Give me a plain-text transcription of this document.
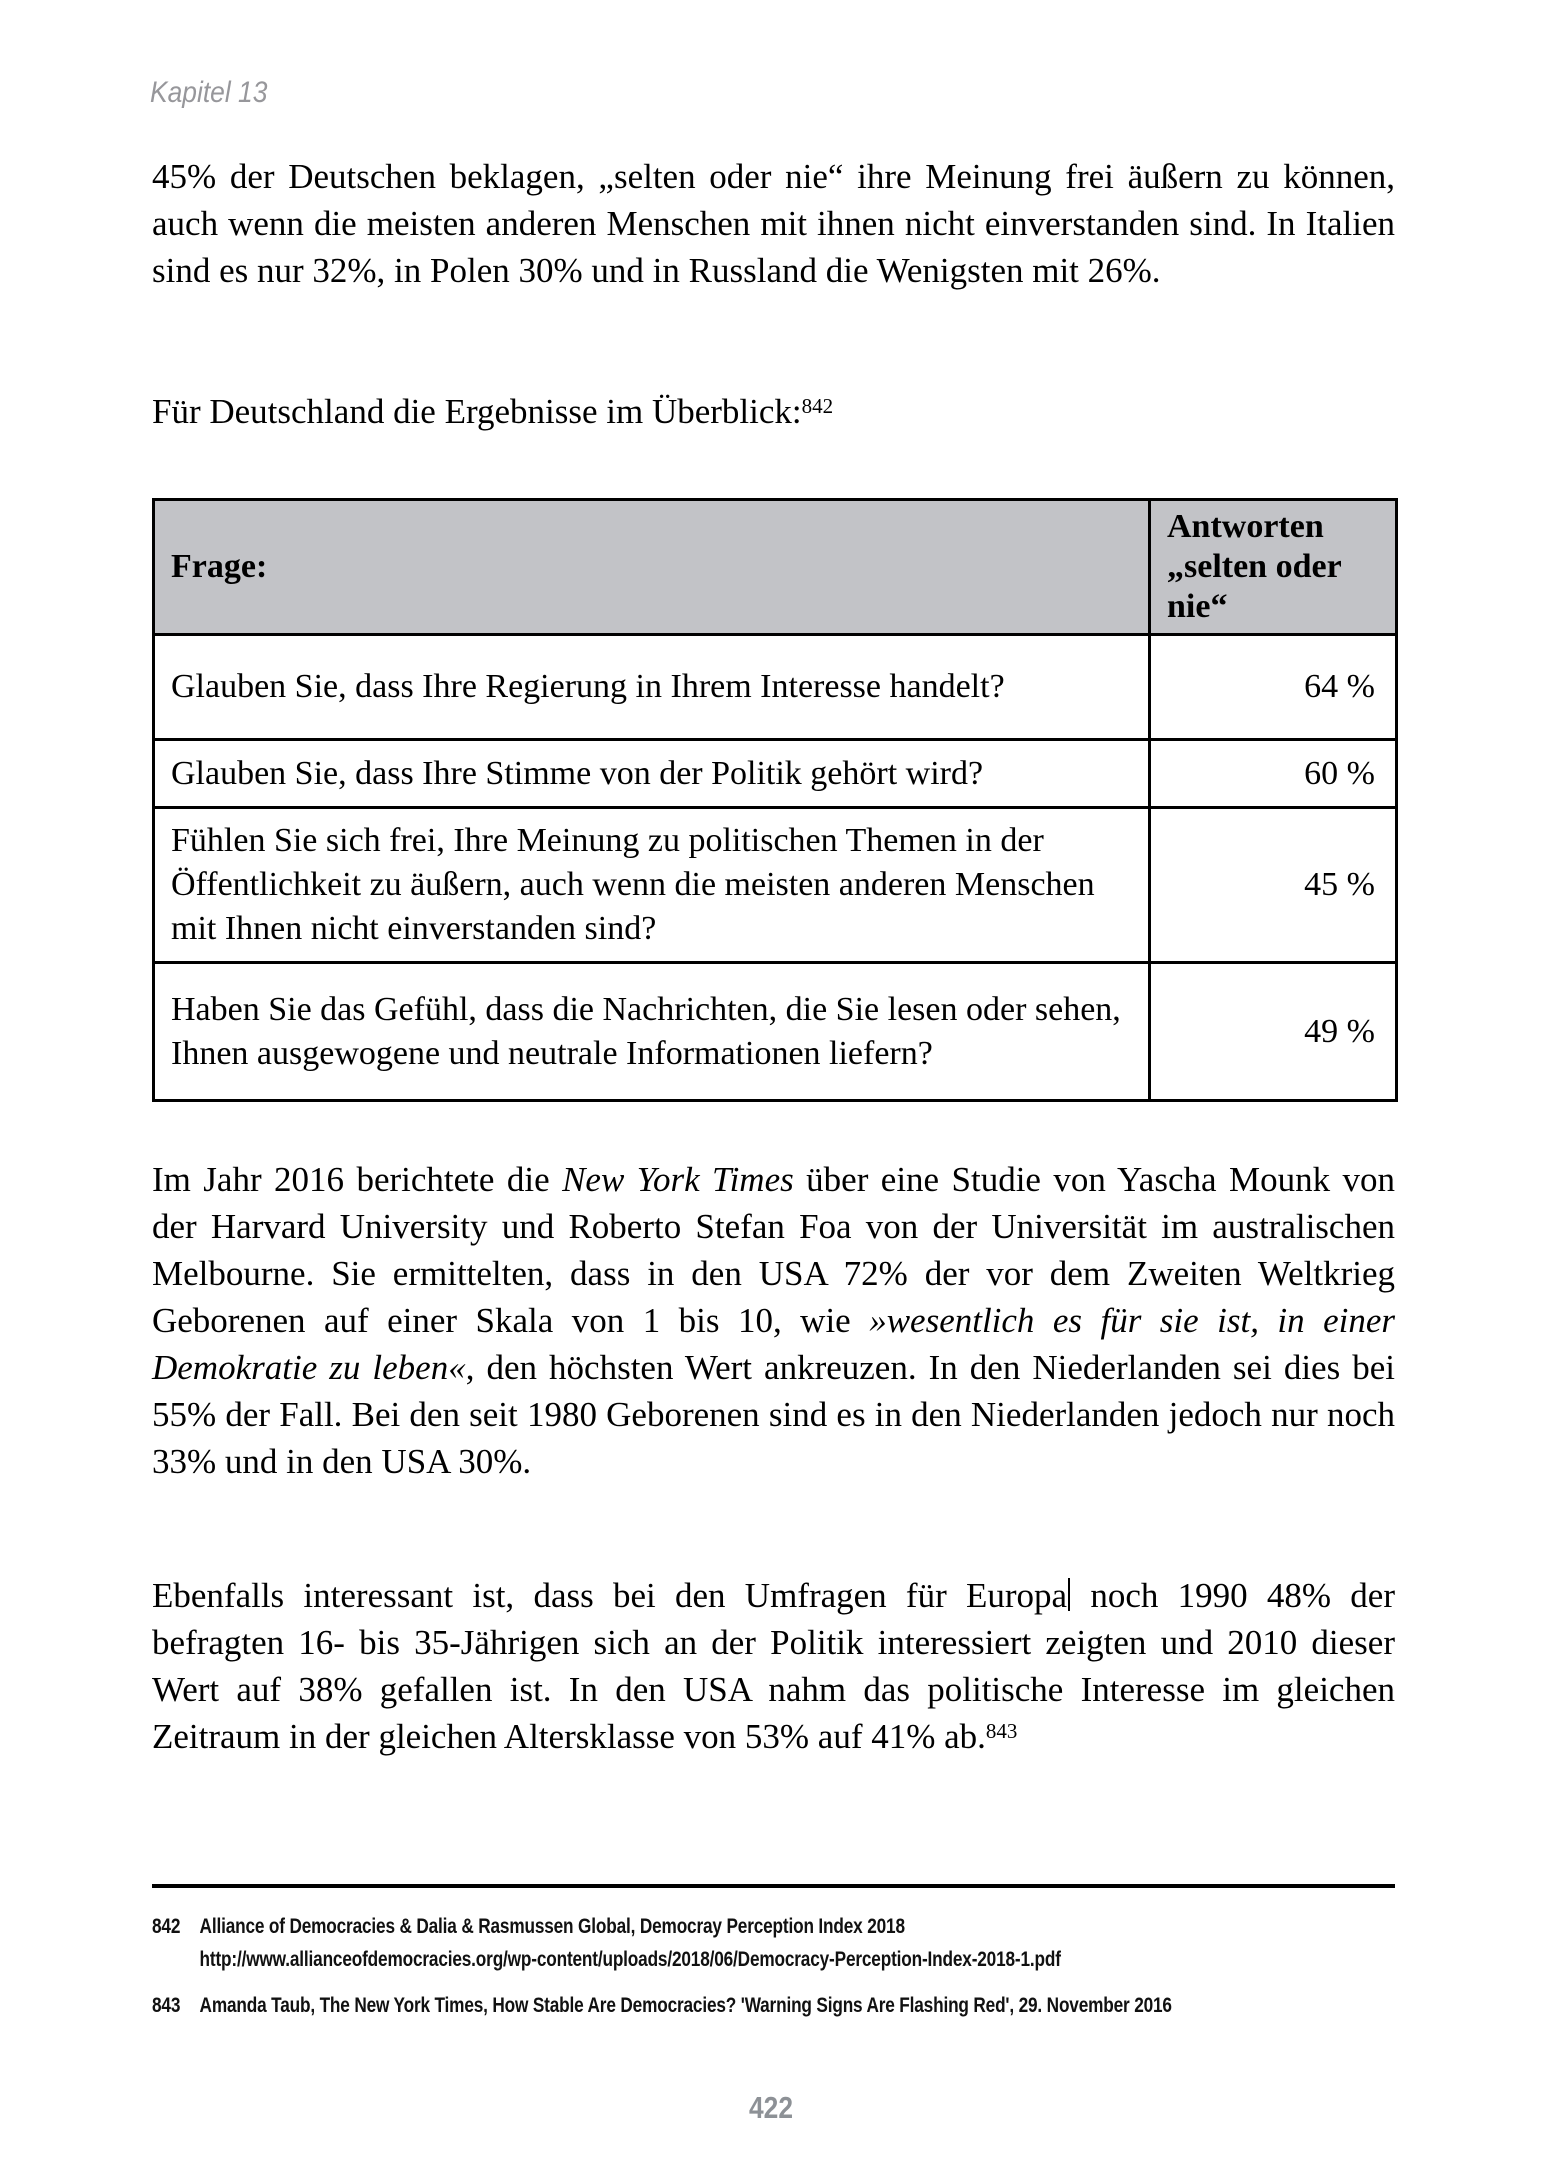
Kapitel 13

45% der Deutschen beklagen, „selten oder nie“ ihre Meinung frei äußern zu können, auch wenn die meisten anderen Menschen mit ihnen nicht einverstanden sind. In Italien sind es nur 32%, in Polen 30% und in Russland die Wenigsten mit 26%.

Für Deutschland die Ergebnisse im Überblick:$^{842}$

Frage:	Antworten „selten oder nie“
Glauben Sie, dass Ihre Regierung in Ihrem Interesse handelt?	64 %
Glauben Sie, dass Ihre Stimme von der Politik gehört wird?	60 %
Fühlen Sie sich frei, Ihre Meinung zu politischen Themen in der Öffentlichkeit zu äußern, auch wenn die meisten anderen Menschen mit Ihnen nicht einverstanden sind?	45 %
Haben Sie das Gefühl, dass die Nachrichten, die Sie lesen oder sehen, Ihnen ausgewogene und neutrale Informationen liefern?	49 %

Im Jahr 2016 berichtete die New York Times über eine Studie von Yascha Mounk von der Harvard University und Roberto Stefan Foa von der Universität im australischen Melbourne. Sie ermittelten, dass in den USA 72% der vor dem Zweiten Weltkrieg Geborenen auf einer Skala von 1 bis 10, wie »wesentlich es für sie ist, in einer Demokratie zu leben«, den höchsten Wert ankreuzen. In den Niederlanden sei dies bei 55% der Fall. Bei den seit 1980 Geborenen sind es in den Niederlanden jedoch nur noch 33% und in den USA 30%.

Ebenfalls interessant ist, dass bei den Umfragen für Europa noch 1990 48% der befragten 16- bis 35-Jährigen sich an der Politik interessiert zeigten und 2010 dieser Wert auf 38% gefallen ist. In den USA nahm das politische Interesse im gleichen Zeitraum in der gleichen Altersklasse von 53% auf 41% ab.$^{843}$

842 Alliance of Democracies & Dalia & Rasmussen Global, Democray Perception Index 2018
http://www.allianceofdemocracies.org/wp-content/uploads/2018/06/Democracy-Perception-Index-2018-1.pdf
843 Amanda Taub, The New York Times, How Stable Are Democracies? 'Warning Signs Are Flashing Red', 29. November 2016
422
